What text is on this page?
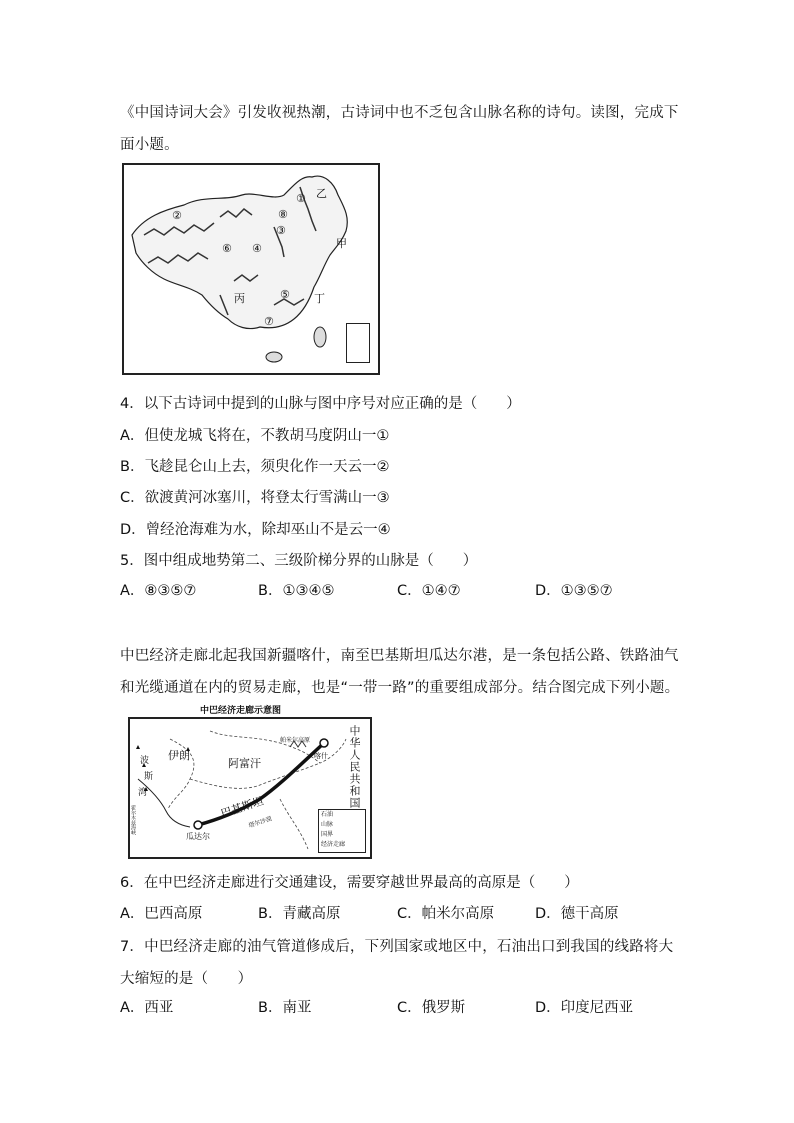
《中国诗词大会》引发收视热潮，古诗词中也不乏包含山脉名称的诗句。读图，完成下面小题。
①
②
③
④
⑤
⑥
⑦
⑧
乙
甲
丙	丁
4．以下古诗词中提到的山脉与图中序号对应正确的是（　　）
A．但使龙城飞将在，不教胡马度阴山一①
B．飞趁昆仑山上去，须臾化作一天云一②
C．欲渡黄河冰塞川，将登太行雪满山一③
D．曾经沧海难为水，除却巫山不是云一④
5．图中组成地势第二、三级阶梯分界的山脉是（　　）
A．⑧③⑤⑦	B．①③④⑤	C．①④⑦	D．①③⑤⑦
中巴经济走廊北起我国新疆喀什，南至巴基斯坦瓜达尔港，是一条包括公路、铁路油气和光缆通道在内的贸易走廊，也是“一带一路”的重要组成部分。结合图完成下列小题。
中巴经济走廊示意图
伊朗
阿富汗
巴基斯坦
喀什
瓜达尔
帕米尔高原
塔尔沙漠
波
斯
湾
霍尔木兹海峡
中华人民共和国
石油
山脉
国界
经济走廊
6．在中巴经济走廊进行交通建设，需要穿越世界最高的高原是（　　）
A．巴西高原	B．青藏高原	C．帕米尔高原	D．德干高原
7．中巴经济走廊的油气管道修成后，下列国家或地区中，石油出口到我国的线路将大大缩短的是（　　）
A．西亚	B．南亚	C．俄罗斯	D．印度尼西亚
